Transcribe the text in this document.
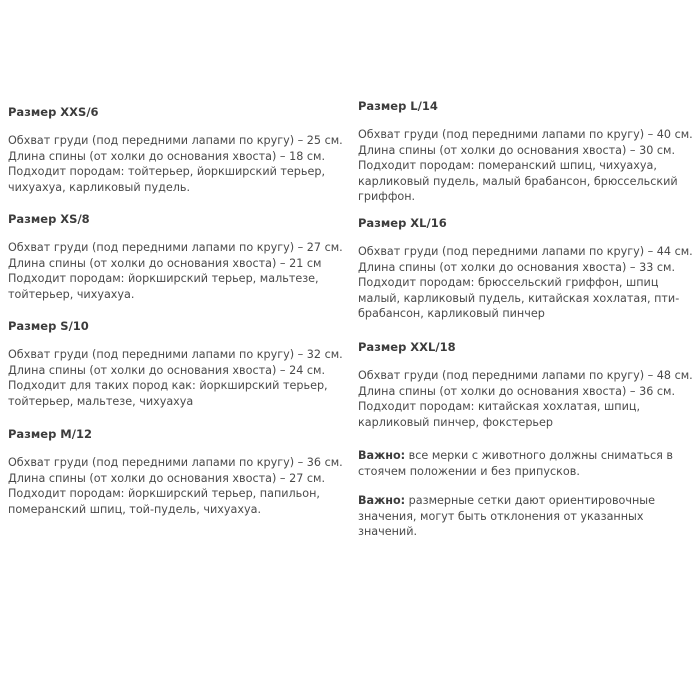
Размер XXS/6

Обхват груди (под передними лапами по кругу) – 25 см.

Длина спины (от холки до основания хвоста) – 18 см.

Подходит породам: тойтерьер, йоркширский терьер,

чихуахуа, карликовый пудель.

Размер XS/8

Обхват груди (под передними лапами по кругу) – 27 см.

Длина спины (от холки до основания хвоста) – 21 см

Подходит породам: йоркширский терьер, мальтезе,

тойтерьер, чихуахуа.

Размер S/10

Обхват груди (под передними лапами по кругу) – 32 см.

Длина спины (от холки до основания хвоста) – 24 см.

Подходит для таких пород как: йоркширский терьер,

тойтерьер, мальтезе, чихуахуа

Размер M/12

Обхват груди (под передними лапами по кругу) – 36 см.

Длина спины (от холки до основания хвоста) – 27 см.

Подходит породам: йоркширский терьер, папильон,

померанский шпиц, той-пудель, чихуахуа.

Размер L/14

Обхват груди (под передними лапами по кругу) – 40 см.

Длина спины (от холки до основания хвоста) – 30 см.

Подходит породам: померанский шпиц, чихуахуа,

карликовый пудель, малый брабансон, брюссельский

гриффон.

Размер XL/16

Обхват груди (под передними лапами по кругу) – 44 см.

Длина спины (от холки до основания хвоста) – 33 см.

Подходит породам: брюссельский гриффон, шпиц

малый, карликовый пудель, китайская хохлатая, пти-

брабансон, карликовый пинчер

Размер XXL/18

Обхват груди (под передними лапами по кругу) – 48 см.

Длина спины (от холки до основания хвоста) – 36 см.

Подходит породам: китайская хохлатая, шпиц,

карликовый пинчер, фокстерьер

Важно: все мерки с животного должны сниматься в

стоячем положении и без припусков.

Важно: размерные сетки дают ориентировочные

значения, могут быть отклонения от указанных

значений.
